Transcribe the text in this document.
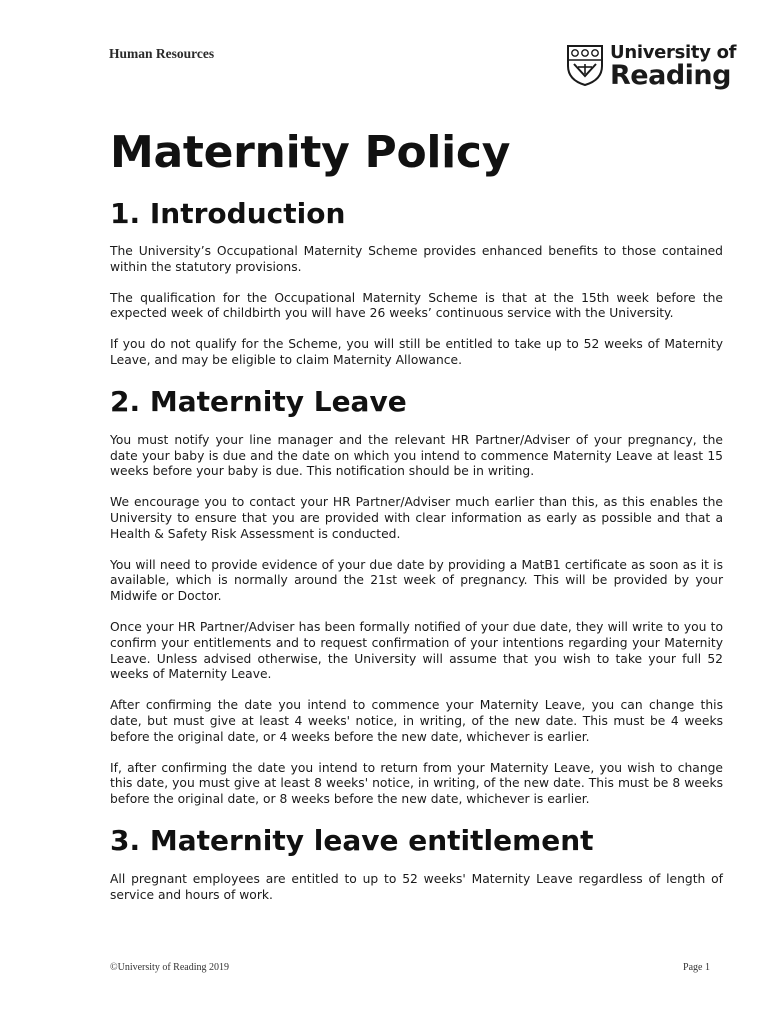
Human Resources	University of
Reading
Maternity Policy
1. Introduction

The University’s Occupational Maternity Scheme provides enhanced benefits to those contained within the statutory provisions.

The qualification for the Occupational Maternity Scheme is that at the 15th week before the expected week of childbirth you will have 26 weeks’ continuous service with the University.

If you do not qualify for the Scheme, you will still be entitled to take up to 52 weeks of Maternity Leave, and may be eligible to claim Maternity Allowance.

2. Maternity Leave

You must notify your line manager and the relevant HR Partner/Adviser of your pregnancy, the date your baby is due and the date on which you intend to commence Maternity Leave at least 15 weeks before your baby is due. This notification should be in writing.

We encourage you to contact your HR Partner/Adviser much earlier than this, as this enables the University to ensure that you are provided with clear information as early as possible and that a Health & Safety Risk Assessment is conducted.

You will need to provide evidence of your due date by providing a MatB1 certificate as soon as it is available, which is normally around the 21st week of pregnancy. This will be provided by your Midwife or Doctor.

Once your HR Partner/Adviser has been formally notified of your due date, they will write to you to confirm your entitlements and to request confirmation of your intentions regarding your Maternity Leave. Unless advised otherwise, the University will assume that you wish to take your full 52 weeks of Maternity Leave.

After confirming the date you intend to commence your Maternity Leave, you can change this date, but must give at least 4 weeks' notice, in writing, of the new date. This must be 4 weeks before the original date, or 4 weeks before the new date, whichever is earlier.

If, after confirming the date you intend to return from your Maternity Leave, you wish to change this date, you must give at least 8 weeks' notice, in writing, of the new date. This must be 8 weeks before the original date, or 8 weeks before the new date, whichever is earlier.

3. Maternity leave entitlement

All pregnant employees are entitled to up to 52 weeks' Maternity Leave regardless of length of service and hours of work.

©University of Reading 2019	Page 1
